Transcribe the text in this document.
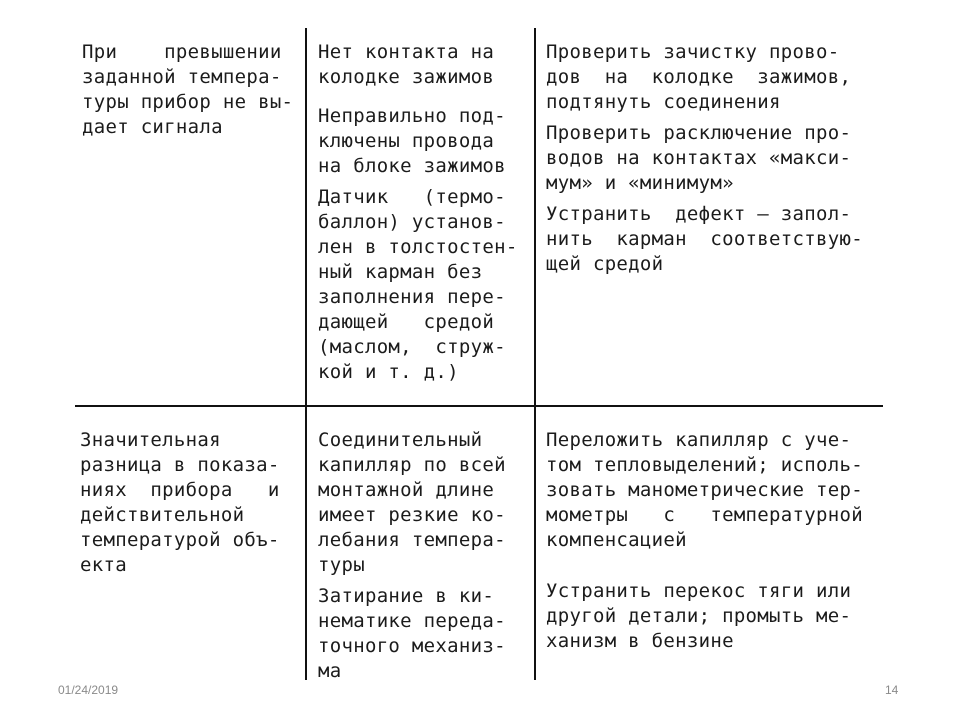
При    превышении
заданной темпера-
туры прибор не вы-
дает сигнала
Нет контакта на
колодке зажимов
Неправильно под-
ключены провода
на блоке зажимов
Датчик   (термо-
баллон) установ-
лен в толстостен-
ный карман без
заполнения пере-
дающей   средой
(маслом,  струж-
кой и т. д.)
Проверить зачистку прово-
дов  на  колодке  зажимов,
подтянуть соединения
Проверить расключение про-
водов на контактах «макси-
мум» и «минимум»
Устранить  дефект — запол-
нить  карман  соответствую-
щей средой
Значительная
разница в показа-
ниях  прибора   и
действительной
температурой объ-
екта
Соединительный
капилляр по всей
монтажной длине
имеет резкие ко-
лебания темпера-
туры
Затирание в ки-
нематике переда-
точного механиз-
ма
Переложить капилляр с уче-
том тепловыделений; исполь-
зовать манометрические тер-
мометры   с   температурной
компенсацией
Устранить перекос тяги или
другой детали; промыть ме-
ханизм в бензине
01/24/2019	14
